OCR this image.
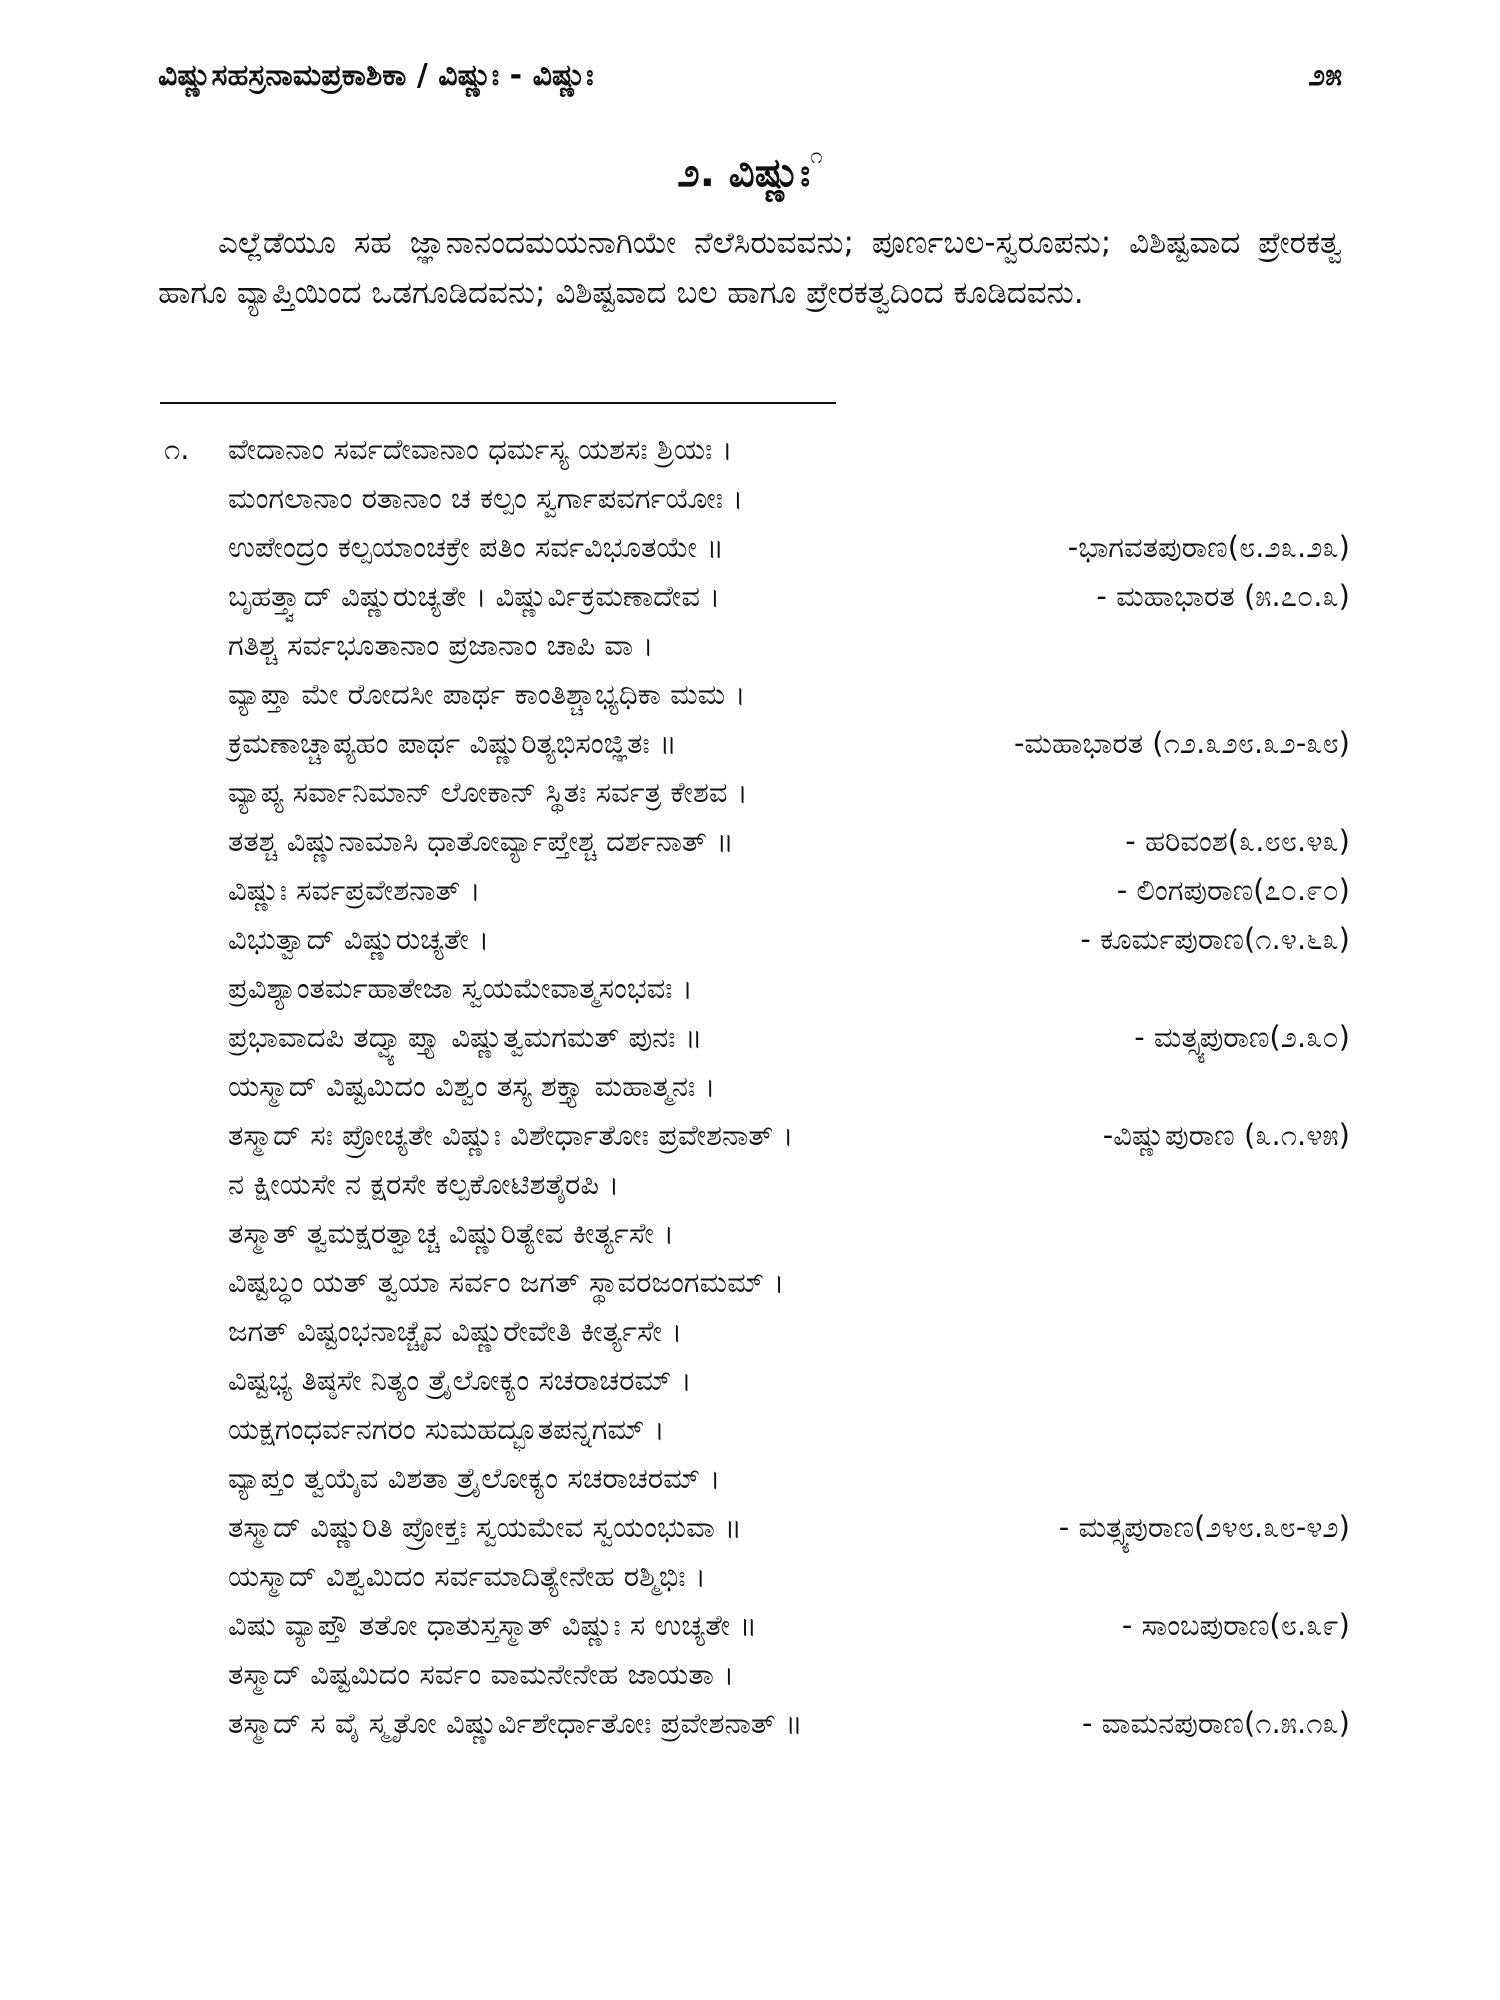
ವಿಷ್ಣುಸಹಸ್ರನಾಮಪ್ರಕಾಶಿಕಾ / ವಿಷ್ಣುಃ - ವಿಷ್ಣುಃ	೨೫
೨. ವಿಷ್ಣುಃ$^೧$

ಎಲ್ಲೆಡೆಯೂ ಸಹ ಜ್ಞಾನಾನಂದಮಯನಾಗಿಯೇ ನೆಲೆಸಿರುವವನು; ಪೂರ್ಣಬಲ-ಸ್ವರೂಪನು; ವಿಶಿಷ್ಟವಾದ ಪ್ರೇರಕತ್ವ ಹಾಗೂ ವ್ಯಾಪ್ತಿಯಿಂದ ಒಡಗೂಡಿದವನು; ವಿಶಿಷ್ಟವಾದ ಬಲ ಹಾಗೂ ಪ್ರೇರಕತ್ವದಿಂದ ಕೂಡಿದವನು.

೧. ವೇದಾನಾಂ ಸರ್ವದೇವಾನಾಂ ಧರ್ಮಸ್ಯ ಯಶಸಃ ಶ್ರಿಯಃ ।
ಮಂಗಲಾನಾಂ ರತಾನಾಂ ಚ ಕಲ್ಪಂ ಸ್ವರ್ಗಾಪವರ್ಗಯೋಃ ।
ಉಪೇಂದ್ರಂ ಕಲ್ಪಯಾಂಚಕ್ರೇ ಪತಿಂ ಸರ್ವವಿಭೂತಯೇ ॥	-ಭಾಗವತಪುರಾಣ(೮.೨೩.೨೩)
ಬೃಹತ್ತ್ವಾದ್ ವಿಷ್ಣುರುಚ್ಯತೇ । ವಿಷ್ಣುರ್ವಿಕ್ರಮಣಾದೇವ ।	- ಮಹಾಭಾರತ (೫.೭೦.೩)
ಗತಿಶ್ಚ ಸರ್ವಭೂತಾನಾಂ ಪ್ರಜಾನಾಂ ಚಾಪಿ ವಾ ।
ವ್ಯಾಪ್ತಾ ಮೇ ರೋದಸೀ ಪಾರ್ಥ ಕಾಂತಿಶ್ಚಾಭ್ಯಧಿಕಾ ಮಮ ।
ಕ್ರಮಣಾಚ್ಚಾಪ್ಯಹಂ ಪಾರ್ಥ ವಿಷ್ಣುರಿತ್ಯಭಿಸಂಜ್ಞಿತಃ ॥	-ಮಹಾಭಾರತ (೧೨.೩೨೮.೩೨-೩೮)
ವ್ಯಾಪ್ಯ ಸರ್ವಾನಿಮಾನ್ ಲೋಕಾನ್ ಸ್ಥಿತಃ ಸರ್ವತ್ರ ಕೇಶವ ।
ತತಶ್ಚ ವಿಷ್ಣುನಾಮಾಸಿ ಧಾತೋರ್ವ್ಯಾಪ್ತೇಶ್ಚ ದರ್ಶನಾತ್ ॥	- ಹರಿವಂಶ(೩.೮೮.೪೩)
ವಿಷ್ಣುಃ ಸರ್ವಪ್ರವೇಶನಾತ್ ।	- ಲಿಂಗಪುರಾಣ(೭೦.೯೦)
ವಿಭುತ್ವಾದ್ ವಿಷ್ಣುರುಚ್ಯತೇ ।	- ಕೂರ್ಮಪುರಾಣ(೧.೪.೬೩)
ಪ್ರವಿಶ್ಯಾಂತರ್ಮಹಾತೇಜಾ ಸ್ವಯಮೇವಾತ್ಮಸಂಭವಃ ।
ಪ್ರಭಾವಾದಪಿ ತದ್ವ್ಯಾಪ್ತ್ಯಾ ವಿಷ್ಣುತ್ವಮಗಮತ್ ಪುನಃ ॥	- ಮತ್ಸ್ಯಪುರಾಣ(೨.೩೦)
ಯಸ್ಮಾದ್ ವಿಷ್ಟಮಿದಂ ವಿಶ್ವಂ ತಸ್ಯ ಶಕ್ತ್ಯಾ ಮಹಾತ್ಮನಃ ।
ತಸ್ಮಾದ್ ಸಃ ಪ್ರೋಚ್ಯತೇ ವಿಷ್ಣುಃ ವಿಶೇರ್ಧಾತೋಃ ಪ್ರವೇಶನಾತ್ ।	-ವಿಷ್ಣುಪುರಾಣ (೩.೧.೪೫)
ನ ಕ್ಷೀಯಸೇ ನ ಕ್ಷರಸೇ ಕಲ್ಪಕೋಟಿಶತೈರಪಿ ।
ತಸ್ಮಾತ್ ತ್ವಮಕ್ಷರತ್ವಾಚ್ಚ ವಿಷ್ಣುರಿತ್ಯೇವ ಕೀರ್ತ್ಯಸೇ ।
ವಿಷ್ಟಬ್ಧಂ ಯತ್ ತ್ವಯಾ ಸರ್ವಂ ಜಗತ್ ಸ್ಥಾವರಜಂಗಮಮ್ ।
ಜಗತ್ ವಿಷ್ಟಂಭನಾಚ್ಚೈವ ವಿಷ್ಣುರೇವೇತಿ ಕೀರ್ತ್ಯಸೇ ।
ವಿಷ್ಟಭ್ಯ ತಿಷ್ಠಸೇ ನಿತ್ಯಂ ತ್ರೈಲೋಕ್ಯಂ ಸಚರಾಚರಮ್ ।
ಯಕ್ಷಗಂಧರ್ವನಗರಂ ಸುಮಹದ್ಭೂತಪನ್ನಗಮ್ ।
ವ್ಯಾಪ್ತಂ ತ್ವಯೈವ ವಿಶತಾ ತ್ರೈಲೋಕ್ಯಂ ಸಚರಾಚರಮ್ ।
ತಸ್ಮಾದ್ ವಿಷ್ಣುರಿತಿ ಪ್ರೋಕ್ತಃ ಸ್ವಯಮೇವ ಸ್ವಯಂಭುವಾ ॥	- ಮತ್ಸ್ಯಪುರಾಣ(೨೪೮.೩೮-೪೨)
ಯಸ್ಮಾದ್ ವಿಶ್ವಮಿದಂ ಸರ್ವಮಾದಿತ್ಯೇನೇಹ ರಶ್ಮಿಭಿಃ ।
ವಿಷು ವ್ಯಾಪ್ತೌ ತತೋ ಧಾತುಸ್ತಸ್ಮಾತ್ ವಿಷ್ಣುಃ ಸ ಉಚ್ಯತೇ ॥	- ಸಾಂಬಪುರಾಣ(೮.೩೯)
ತಸ್ಮಾದ್ ವಿಷ್ಟಮಿದಂ ಸರ್ವಂ ವಾಮನೇನೇಹ ಜಾಯತಾ ।
ತಸ್ಮಾದ್ ಸ ವೈ ಸ್ಮೃತೋ ವಿಷ್ಣುರ್ವಿಶೇರ್ಧಾತೋಃ ಪ್ರವೇಶನಾತ್ ॥	- ವಾಮನಪುರಾಣ(೧.೫.೧೩)
